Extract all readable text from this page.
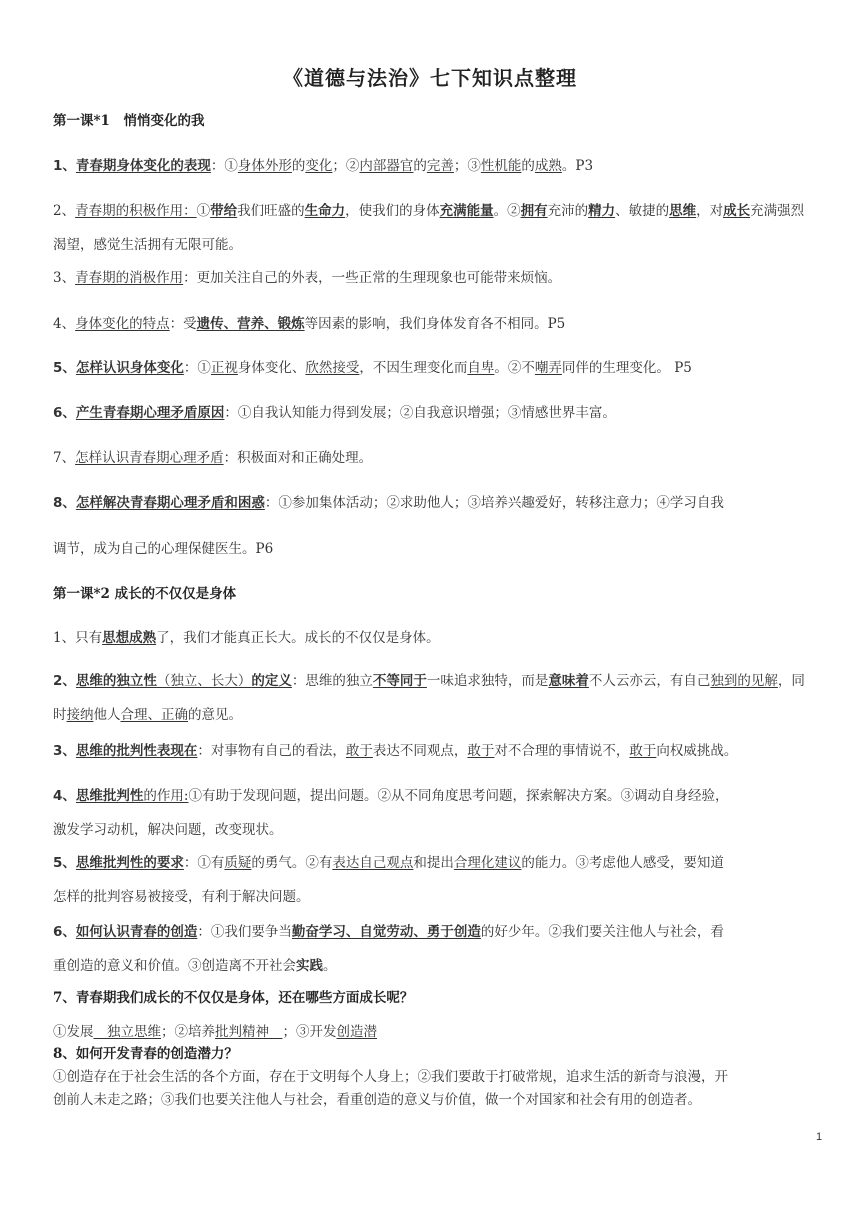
《道德与法治》七下知识点整理
第一课*1　悄悄变化的我
1、青春期身体变化的表现：①身体外形的变化；②内部器官的完善；③性机能的成熟。P3
2、青春期的积极作用：①带给我们旺盛的生命力，使我们的身体充满能量。②拥有充沛的精力、敏捷的思维，对成长充满强烈渴望，感觉生活拥有无限可能。
3、青春期的消极作用：更加关注自己的外表，一些正常的生理现象也可能带来烦恼。
4、身体变化的特点：受遗传、营养、锻炼等因素的影响，我们身体发育各不相同。P5
5、怎样认识身体变化：①正视身体变化、欣然接受，不因生理变化而自卑。②不嘲弄同伴的生理变化。 P5
6、产生青春期心理矛盾原因：①自我认知能力得到发展；②自我意识增强；③情感世界丰富。
7、怎样认识青春期心理矛盾：积极面对和正确处理。
8、怎样解决青春期心理矛盾和困惑：①参加集体活动；②求助他人；③培养兴趣爱好，转移注意力；④学习自我
调节，成为自己的心理保健医生。P6
第一课*2 成长的不仅仅是身体
1、只有思想成熟了，我们才能真正长大。成长的不仅仅是身体。
2、思维的独立性（独立、长大）的定义：思维的独立不等同于一味追求独特，而是意味着不人云亦云，有自己独到的见解，同时接纳他人合理、正确的意见。
3、思维的批判性表现在：对事物有自己的看法，敢于表达不同观点，敢于对不合理的事情说不，敢于向权威挑战。
4、思维批判性的作用:①有助于发现问题，提出问题。②从不同角度思考问题，探索解决方案。③调动自身经验，
激发学习动机，解决问题，改变现状。
5、思维批判性的要求：①有质疑的勇气。②有表达自己观点和提出合理化建议的能力。③考虑他人感受，要知道
怎样的批判容易被接受，有利于解决问题。
6、如何认识青春的创造：①我们要争当勤奋学习、自觉劳动、勇于创造的好少年。②我们要关注他人与社会，看
重创造的意义和价值。③创造离不开社会实践。
7、青春期我们成长的不仅仅是身体，还在哪些方面成长呢？
①发展　独立思维；②培养批判精神　；③开发创造潜
8、如何开发青春的创造潜力？
①创造存在于社会生活的各个方面，存在于文明每个人身上；②我们要敢于打破常规，追求生活的新奇与浪漫，开
创前人未走之路；③我们也要关注他人与社会，看重创造的意义与价值，做一个对国家和社会有用的创造者。
1
